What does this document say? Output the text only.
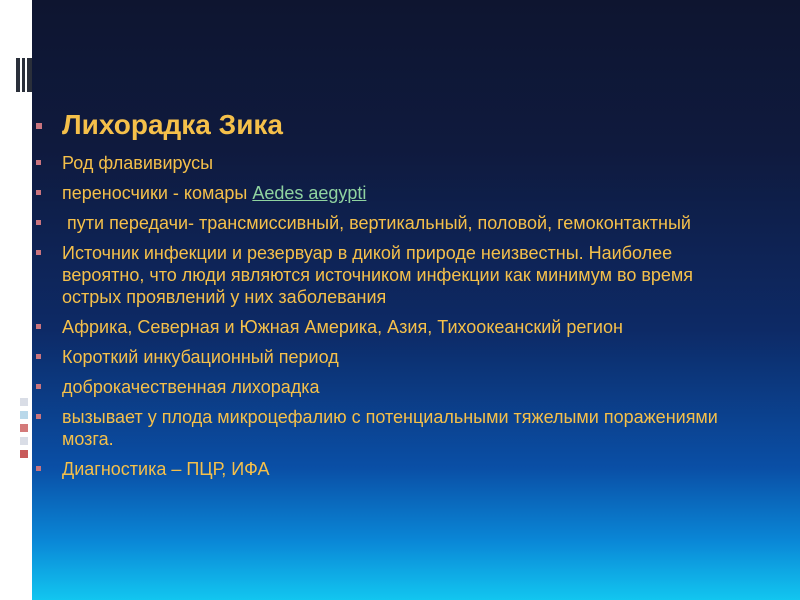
Лихорадка Зика
Род флавивирусы
переносчики - комары Aedes aegypti
пути передачи- трансмиссивный, вертикальный, половой, гемоконтактный
Источник инфекции и резервуар в дикой природе неизвестны. Наиболее вероятно, что люди являются источником инфекции как минимум во время острых проявлений у них заболевания
Африка, Северная и Южная Америка, Азия, Тихоокеанский регион
Короткий инкубационный период
доброкачественная лихорадка
вызывает у плода микроцефалию с потенциальными тяжелыми поражениями мозга.
Диагностика – ПЦР, ИФА
